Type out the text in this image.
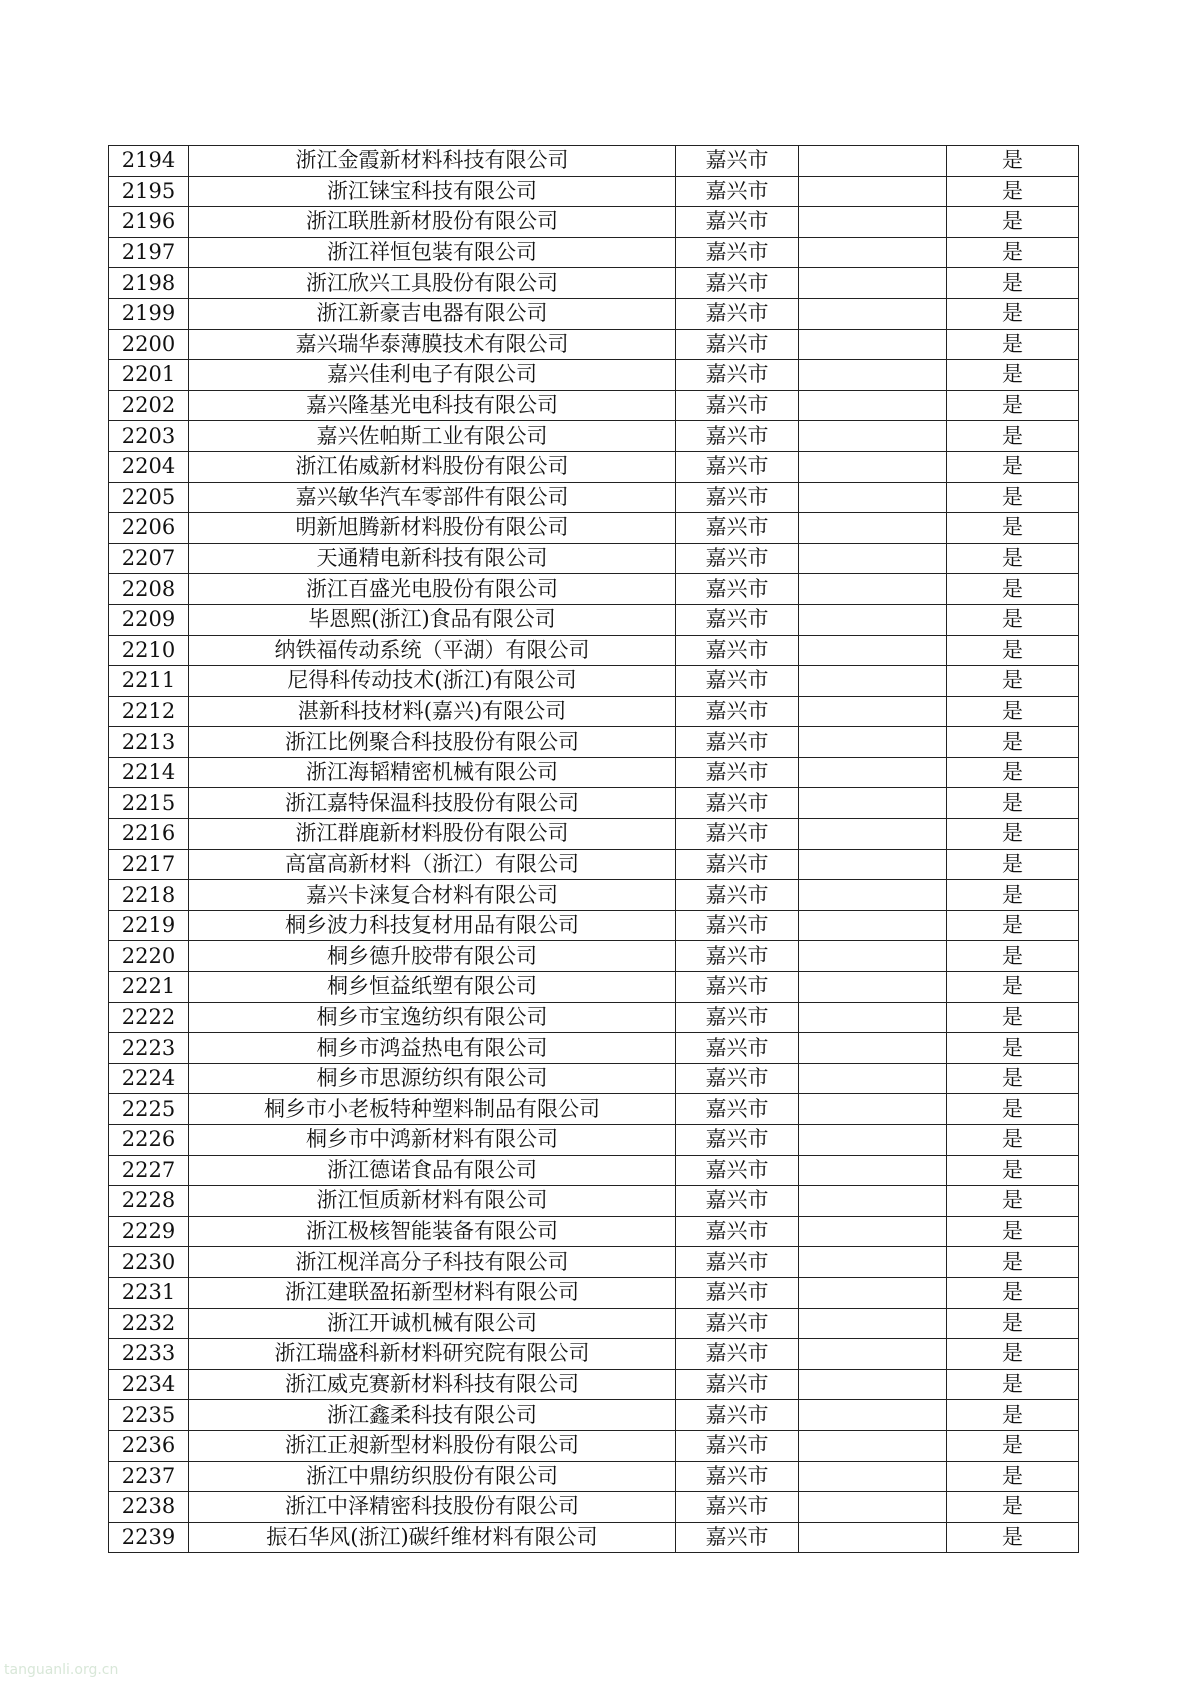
2194	浙江金霞新材料科技有限公司	嘉兴市		是
2195	浙江铼宝科技有限公司	嘉兴市		是
2196	浙江联胜新材股份有限公司	嘉兴市		是
2197	浙江祥恒包装有限公司	嘉兴市		是
2198	浙江欣兴工具股份有限公司	嘉兴市		是
2199	浙江新豪吉电器有限公司	嘉兴市		是
2200	嘉兴瑞华泰薄膜技术有限公司	嘉兴市		是
2201	嘉兴佳利电子有限公司	嘉兴市		是
2202	嘉兴隆基光电科技有限公司	嘉兴市		是
2203	嘉兴佐帕斯工业有限公司	嘉兴市		是
2204	浙江佑威新材料股份有限公司	嘉兴市		是
2205	嘉兴敏华汽车零部件有限公司	嘉兴市		是
2206	明新旭腾新材料股份有限公司	嘉兴市		是
2207	天通精电新科技有限公司	嘉兴市		是
2208	浙江百盛光电股份有限公司	嘉兴市		是
2209	毕恩熙(浙江)食品有限公司	嘉兴市		是
2210	纳铁福传动系统（平湖）有限公司	嘉兴市		是
2211	尼得科传动技术(浙江)有限公司	嘉兴市		是
2212	湛新科技材料(嘉兴)有限公司	嘉兴市		是
2213	浙江比例聚合科技股份有限公司	嘉兴市		是
2214	浙江海韬精密机械有限公司	嘉兴市		是
2215	浙江嘉特保温科技股份有限公司	嘉兴市		是
2216	浙江群鹿新材料股份有限公司	嘉兴市		是
2217	高富高新材料（浙江）有限公司	嘉兴市		是
2218	嘉兴卡涞复合材料有限公司	嘉兴市		是
2219	桐乡波力科技复材用品有限公司	嘉兴市		是
2220	桐乡德升胶带有限公司	嘉兴市		是
2221	桐乡恒益纸塑有限公司	嘉兴市		是
2222	桐乡市宝逸纺织有限公司	嘉兴市		是
2223	桐乡市鸿益热电有限公司	嘉兴市		是
2224	桐乡市思源纺织有限公司	嘉兴市		是
2225	桐乡市小老板特种塑料制品有限公司	嘉兴市		是
2226	桐乡市中鸿新材料有限公司	嘉兴市		是
2227	浙江德诺食品有限公司	嘉兴市		是
2228	浙江恒质新材料有限公司	嘉兴市		是
2229	浙江极核智能装备有限公司	嘉兴市		是
2230	浙江枧洋高分子科技有限公司	嘉兴市		是
2231	浙江建联盈拓新型材料有限公司	嘉兴市		是
2232	浙江开诚机械有限公司	嘉兴市		是
2233	浙江瑞盛科新材料研究院有限公司	嘉兴市		是
2234	浙江威克赛新材料科技有限公司	嘉兴市		是
2235	浙江鑫柔科技有限公司	嘉兴市		是
2236	浙江正昶新型材料股份有限公司	嘉兴市		是
2237	浙江中鼎纺织股份有限公司	嘉兴市		是
2238	浙江中泽精密科技股份有限公司	嘉兴市		是
2239	振石华风(浙江)碳纤维材料有限公司	嘉兴市		是
tanguanli.org.cn
